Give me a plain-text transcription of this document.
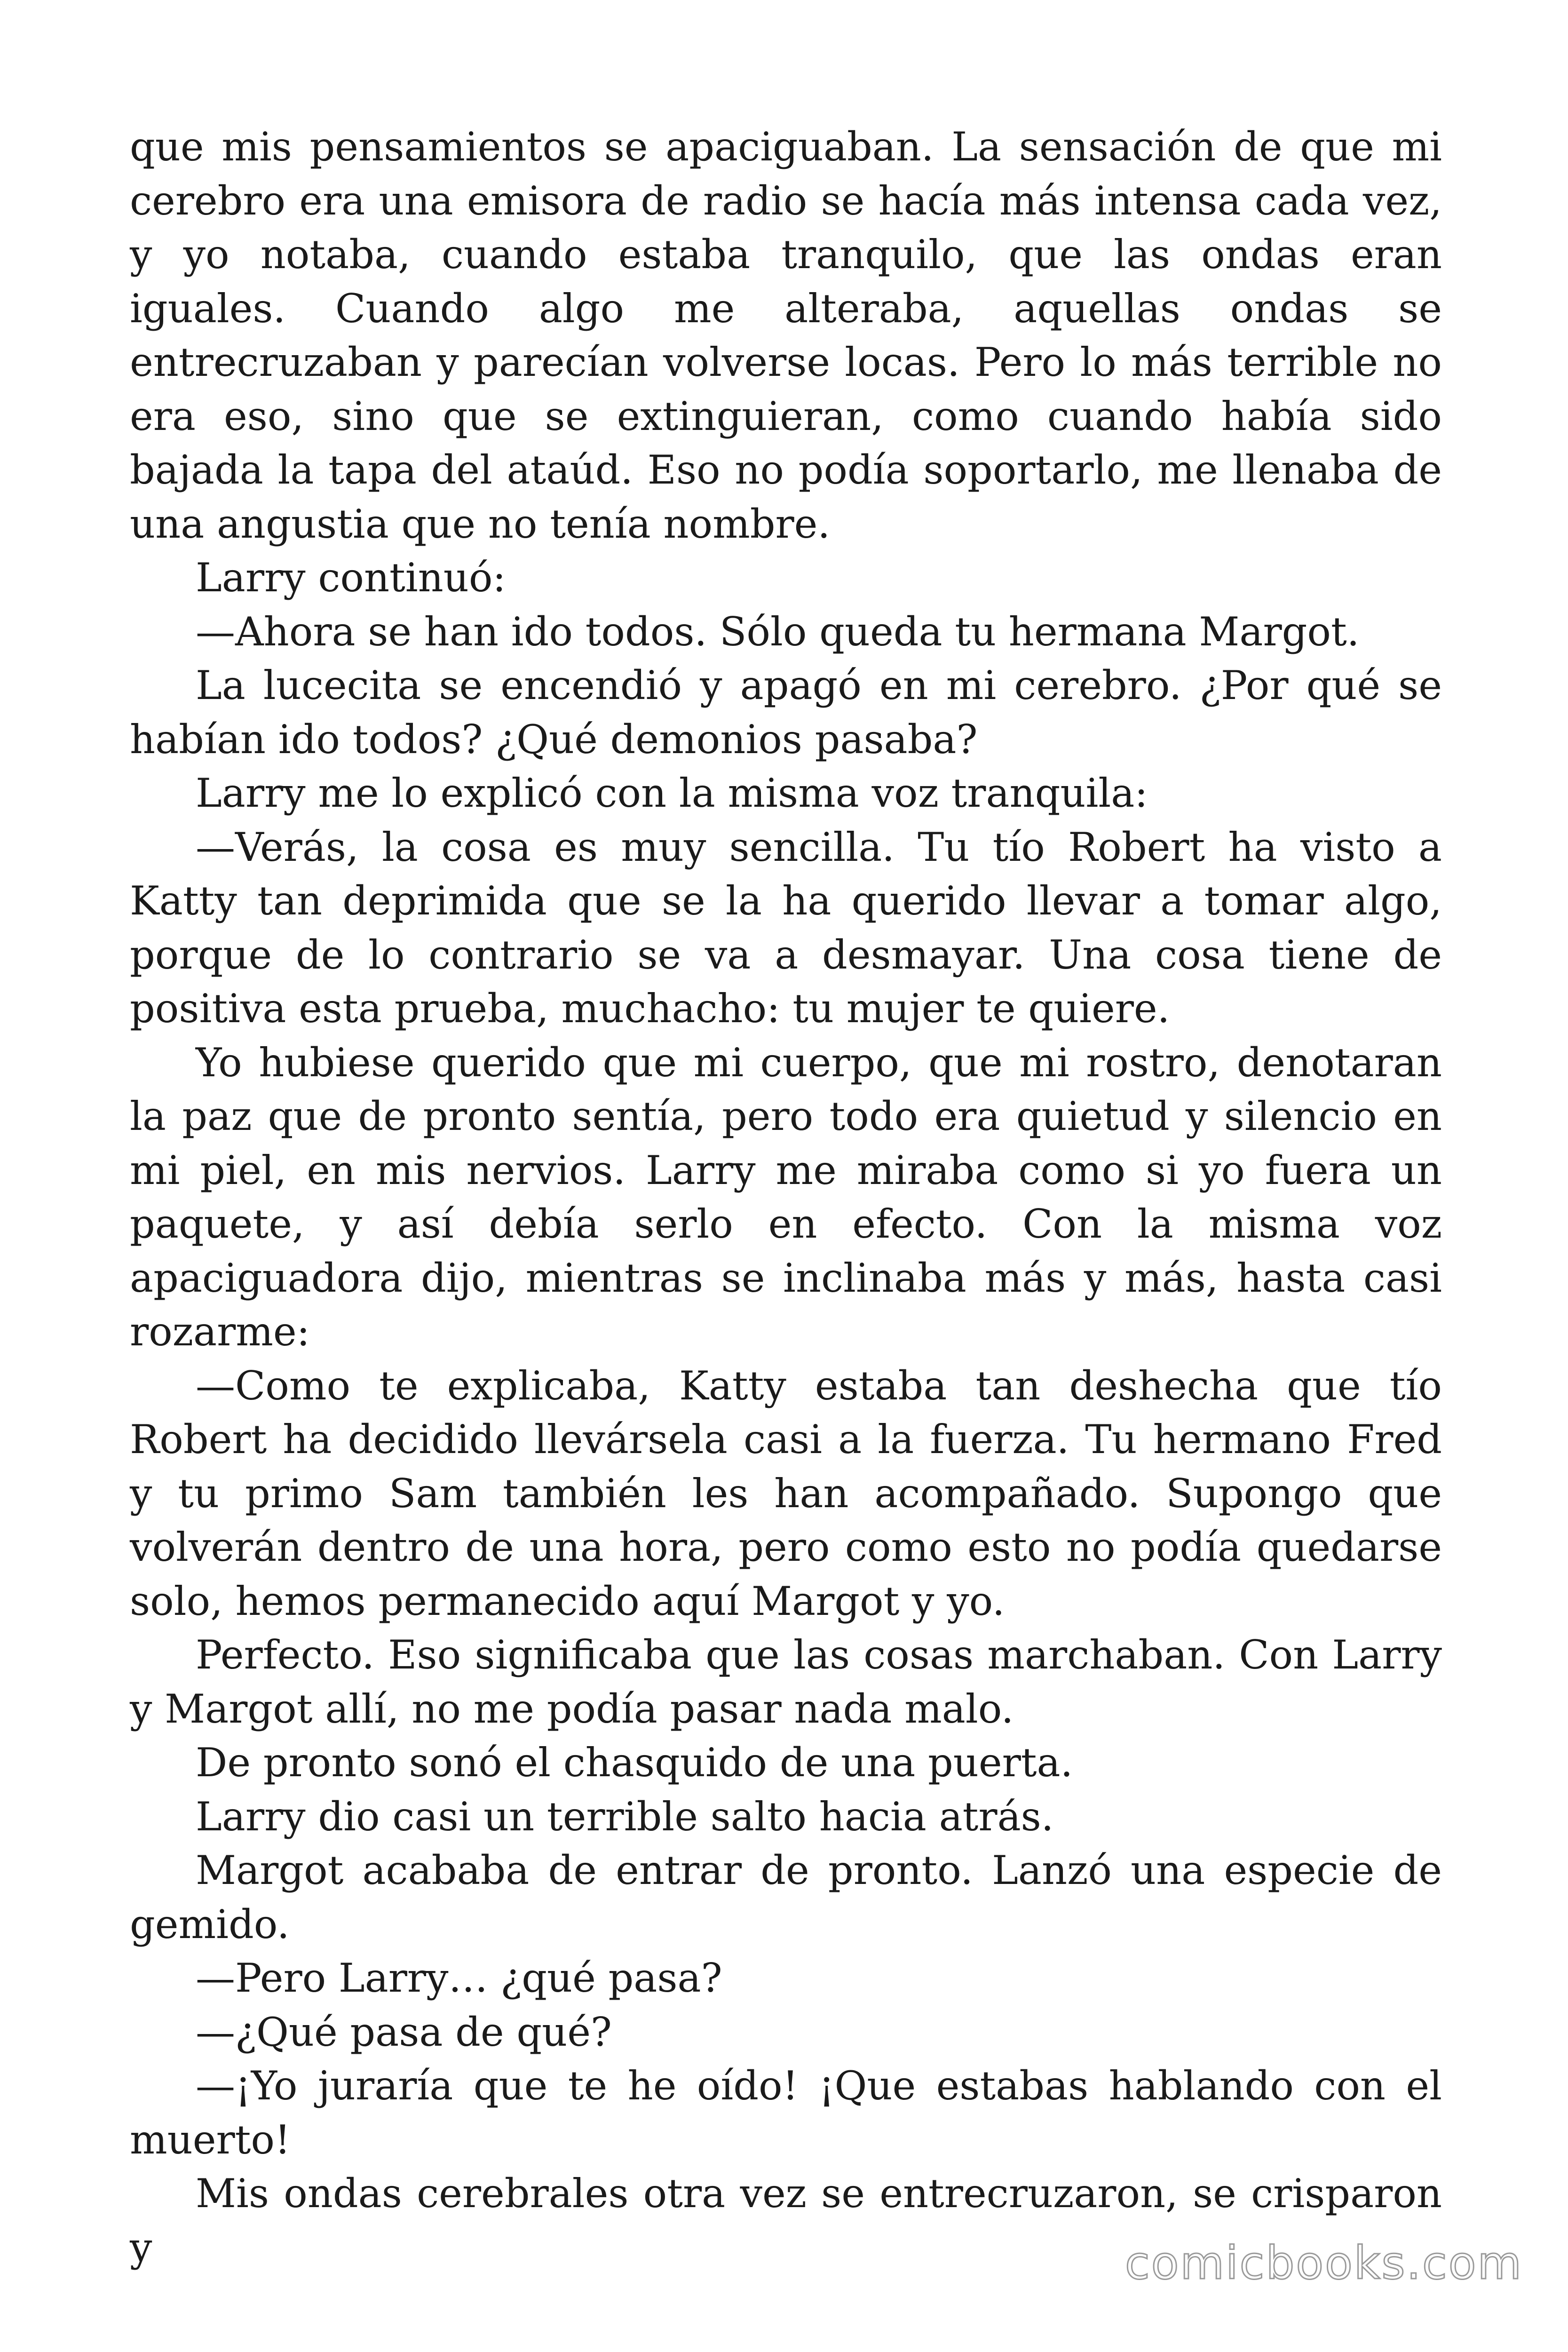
que mis pensamientos se apaciguaban. La sensación de que mi cerebro era una emisora de radio se hacía más intensa cada vez, y yo notaba, cuando estaba tranquilo, que las ondas eran iguales. Cuando algo me alteraba, aquellas ondas se entrecruzaban y parecían volverse locas. Pero lo más terrible no era eso, sino que se extinguieran, como cuando había sido bajada la tapa del ataúd. Eso no podía soportarlo, me llenaba de una angustia que no tenía nombre.

Larry continuó:

—Ahora se han ido todos. Sólo queda tu hermana Margot.

La lucecita se encendió y apagó en mi cerebro. ¿Por qué se habían ido todos? ¿Qué demonios pasaba?

Larry me lo explicó con la misma voz tranquila:

—Verás, la cosa es muy sencilla. Tu tío Robert ha visto a Katty tan deprimida que se la ha querido llevar a tomar algo, porque de lo contrario se va a desmayar. Una cosa tiene de positiva esta prueba, muchacho: tu mujer te quiere.

Yo hubiese querido que mi cuerpo, que mi rostro, denotaran la paz que de pronto sentía, pero todo era quietud y silencio en mi piel, en mis nervios. Larry me miraba como si yo fuera un paquete, y así debía serlo en efecto. Con la misma voz apaciguadora dijo, mientras se inclinaba más y más, hasta casi rozarme:

—Como te explicaba, Katty estaba tan deshecha que tío Robert ha decidido llevársela casi a la fuerza. Tu hermano Fred y tu primo Sam también les han acompañado. Supongo que volverán dentro de una hora, pero como esto no podía quedarse solo, hemos permanecido aquí Margot y yo.

Perfecto. Eso significaba que las cosas marchaban. Con Larry y Margot allí, no me podía pasar nada malo.

De pronto sonó el chasquido de una puerta.

Larry dio casi un terrible salto hacia atrás.

Margot acababa de entrar de pronto. Lanzó una especie de gemido.

—Pero Larry… ¿qué pasa?

—¿Qué pasa de qué?

—¡Yo juraría que te he oído! ¡Que estabas hablando con el muerto!

Mis ondas cerebrales otra vez se entrecruzaron, se crisparon y	comicbooks.com
